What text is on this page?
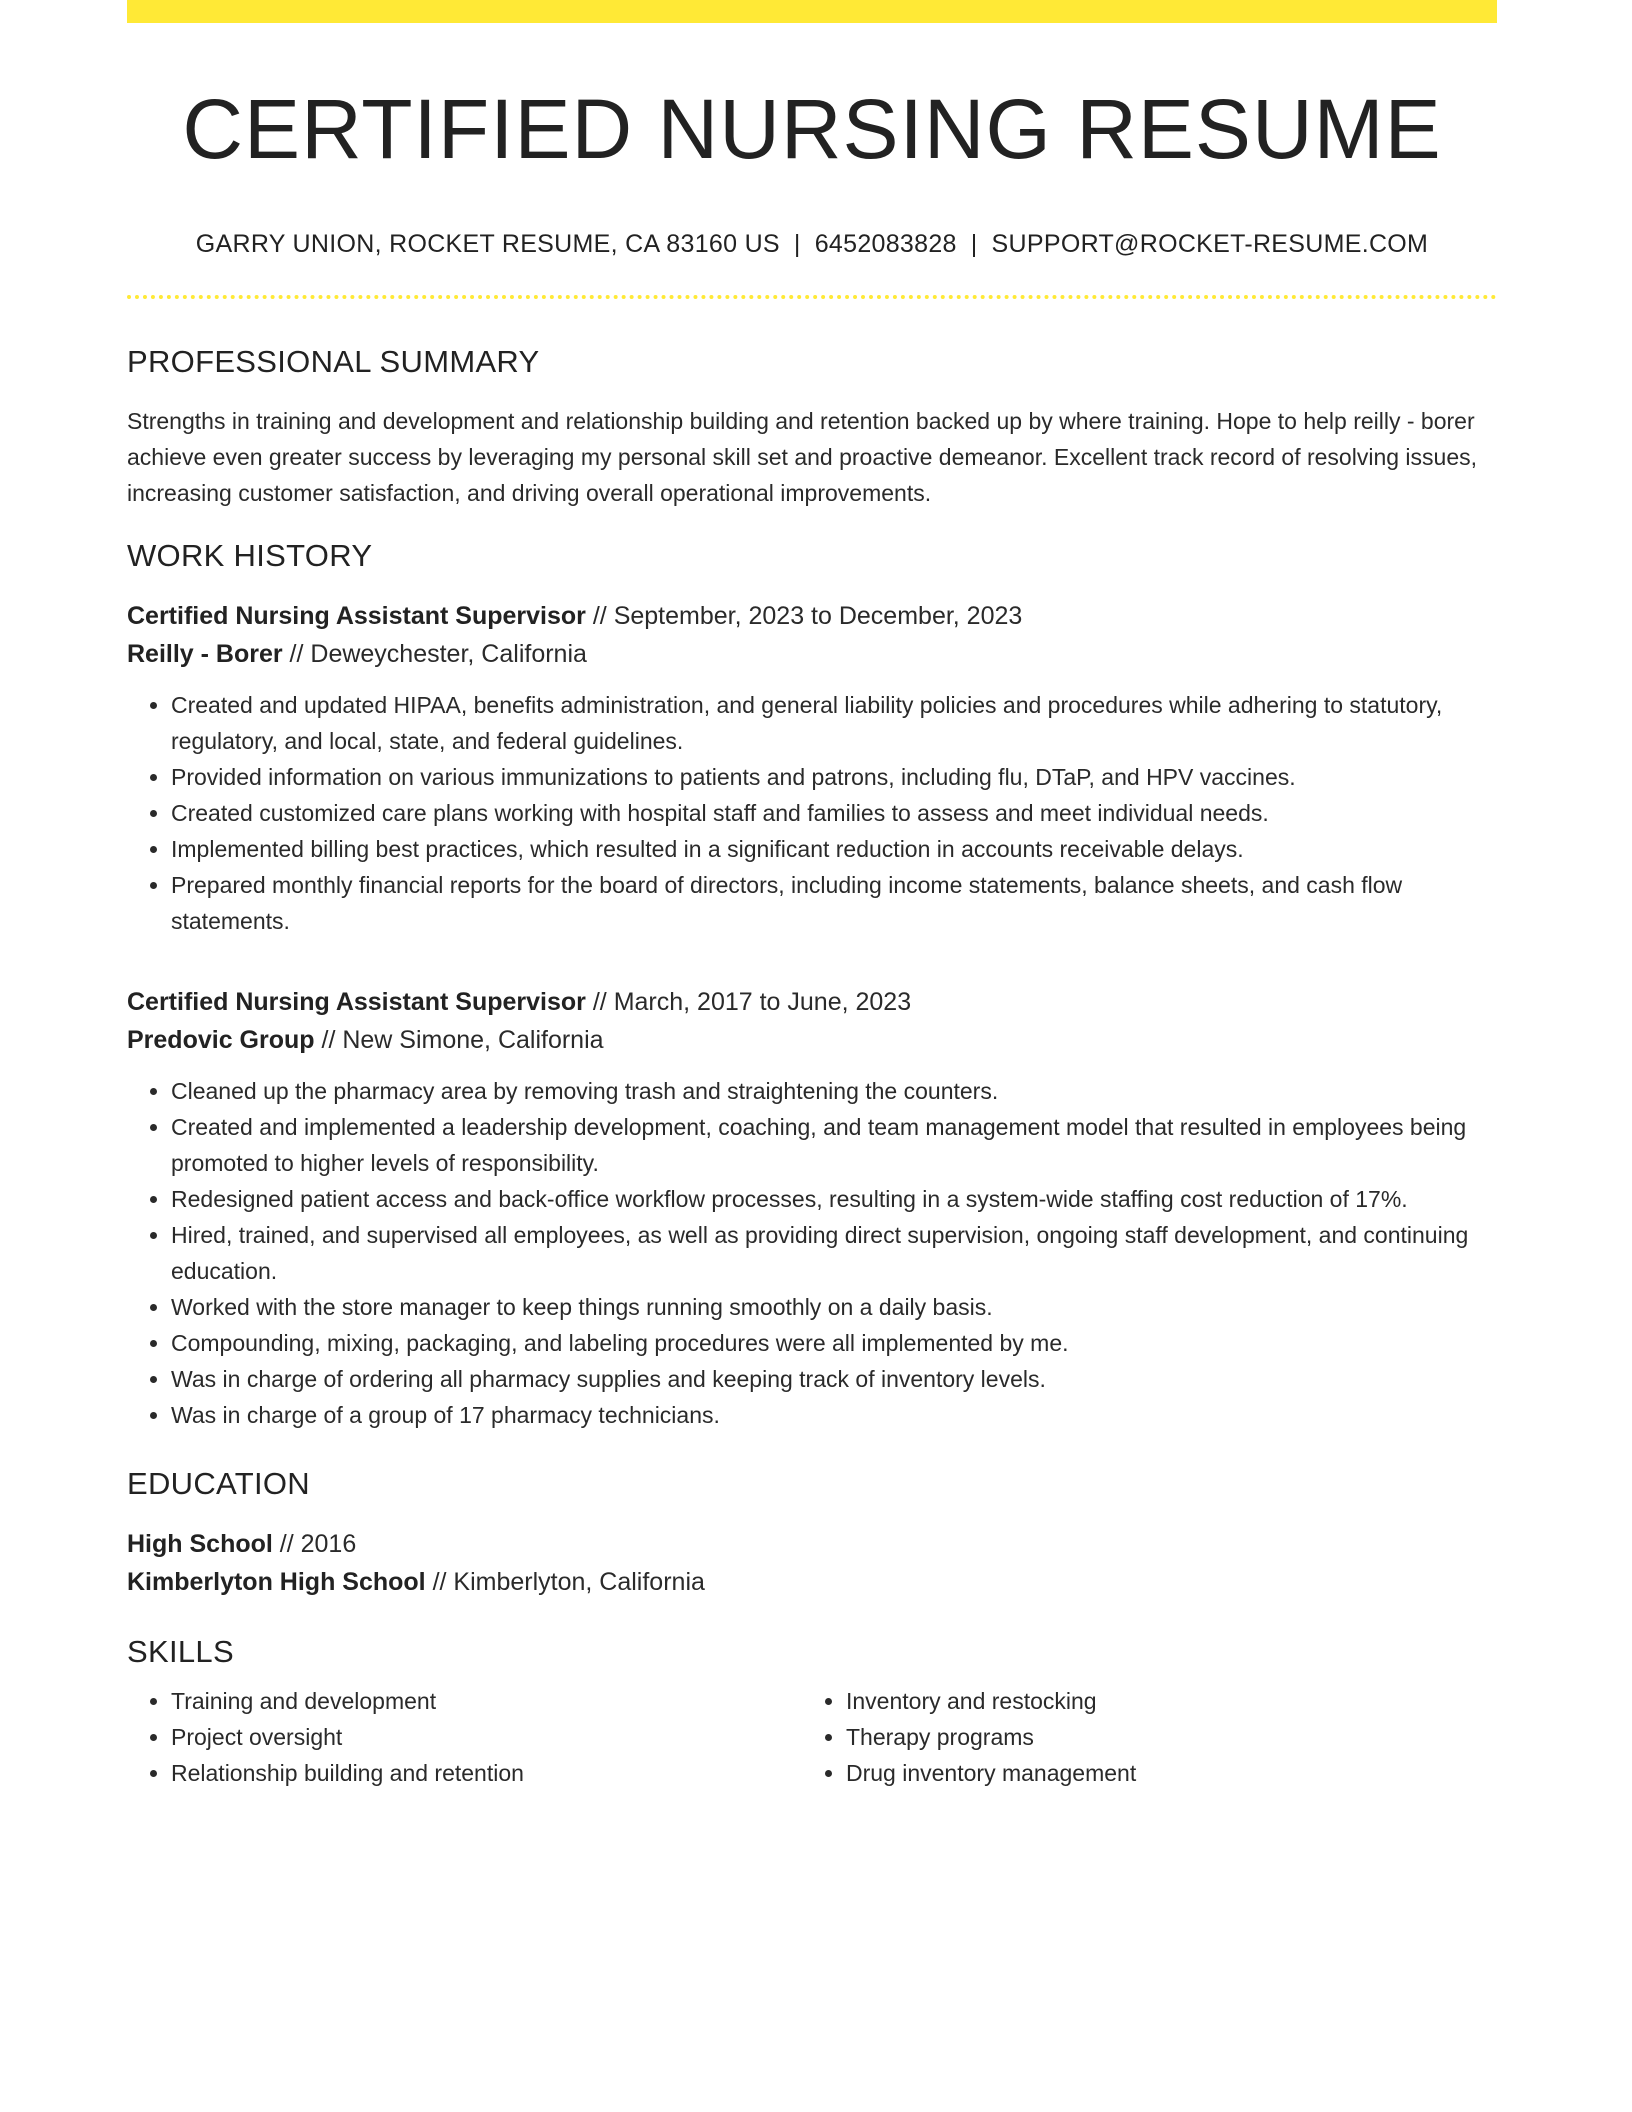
CERTIFIED NURSING RESUME
GARRY UNION, ROCKET RESUME, CA 83160 US | 6452083828 | SUPPORT@ROCKET-RESUME.COM
PROFESSIONAL SUMMARY

Strengths in training and development and relationship building and retention backed up by where training. Hope to help reilly - borer achieve even greater success by leveraging my personal skill set and proactive demeanor. Excellent track record of resolving issues, increasing customer satisfaction, and driving overall operational improvements.

WORK HISTORY
Certified Nursing Assistant Supervisor // September, 2023 to December, 2023
Reilly - Borer // Deweychester, California
• Created and updated HIPAA, benefits administration, and general liability policies and procedures while adhering to statutory, regulatory, and local, state, and federal guidelines.
• Provided information on various immunizations to patients and patrons, including flu, DTaP, and HPV vaccines.
• Created customized care plans working with hospital staff and families to assess and meet individual needs.
• Implemented billing best practices, which resulted in a significant reduction in accounts receivable delays.
• Prepared monthly financial reports for the board of directors, including income statements, balance sheets, and cash flow statements.
Certified Nursing Assistant Supervisor // March, 2017 to June, 2023
Predovic Group // New Simone, California
• Cleaned up the pharmacy area by removing trash and straightening the counters.
• Created and implemented a leadership development, coaching, and team management model that resulted in employees being promoted to higher levels of responsibility.
• Redesigned patient access and back-office workflow processes, resulting in a system-wide staffing cost reduction of 17%.
• Hired, trained, and supervised all employees, as well as providing direct supervision, ongoing staff development, and continuing education.
• Worked with the store manager to keep things running smoothly on a daily basis.
• Compounding, mixing, packaging, and labeling procedures were all implemented by me.
• Was in charge of ordering all pharmacy supplies and keeping track of inventory levels.
• Was in charge of a group of 17 pharmacy technicians.
EDUCATION
High School // 2016
Kimberlyton High School // Kimberlyton, California
SKILLS
• Training and development
• Project oversight
• Relationship building and retention
• Inventory and restocking
• Therapy programs
• Drug inventory management
